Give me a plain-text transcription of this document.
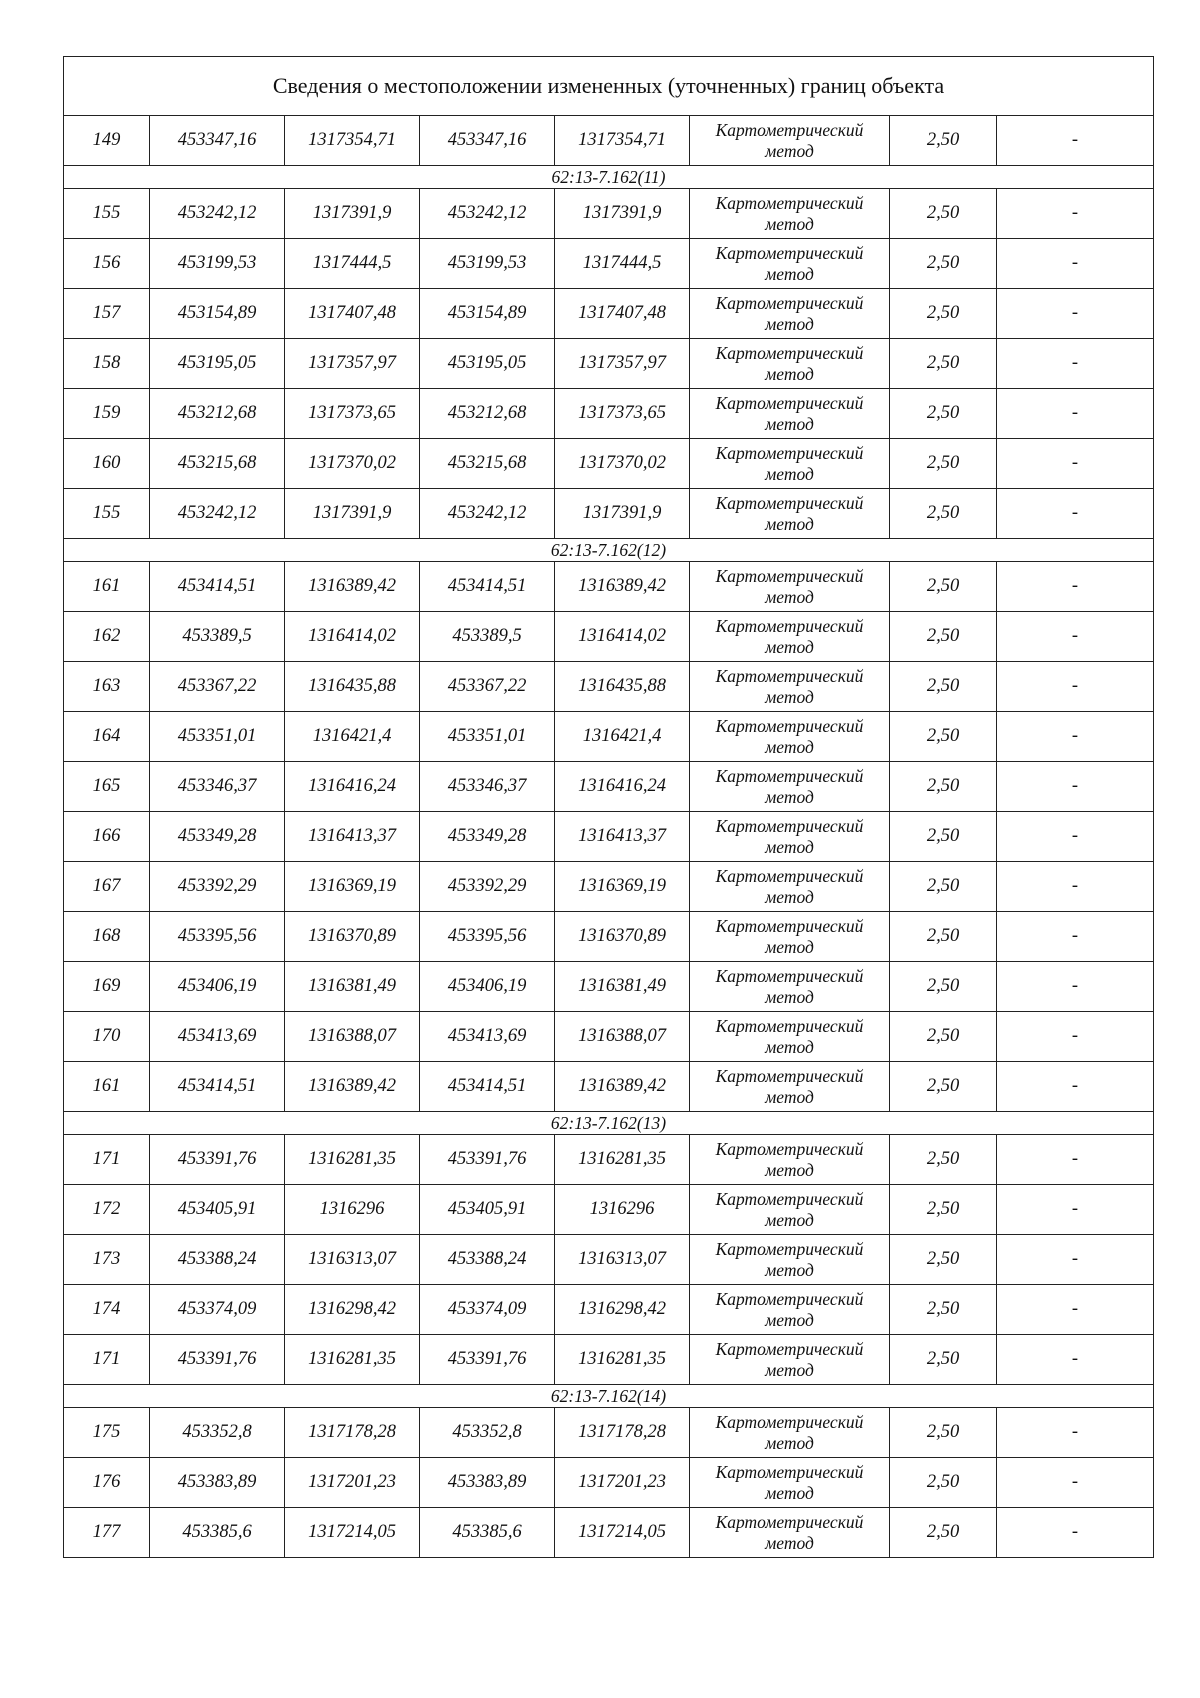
Сведения о местоположении измененных (уточненных) границ объекта							
149	453347,16	1317354,71	453347,16	1317354,71	Картометрический метод	2,50	-
62:13-7.162(11)							
155	453242,12	1317391,9	453242,12	1317391,9	Картометрический метод	2,50	-
156	453199,53	1317444,5	453199,53	1317444,5	Картометрический метод	2,50	-
157	453154,89	1317407,48	453154,89	1317407,48	Картометрический метод	2,50	-
158	453195,05	1317357,97	453195,05	1317357,97	Картометрический метод	2,50	-
159	453212,68	1317373,65	453212,68	1317373,65	Картометрический метод	2,50	-
160	453215,68	1317370,02	453215,68	1317370,02	Картометрический метод	2,50	-
155	453242,12	1317391,9	453242,12	1317391,9	Картометрический метод	2,50	-
62:13-7.162(12)							
161	453414,51	1316389,42	453414,51	1316389,42	Картометрический метод	2,50	-
162	453389,5	1316414,02	453389,5	1316414,02	Картометрический метод	2,50	-
163	453367,22	1316435,88	453367,22	1316435,88	Картометрический метод	2,50	-
164	453351,01	1316421,4	453351,01	1316421,4	Картометрический метод	2,50	-
165	453346,37	1316416,24	453346,37	1316416,24	Картометрический метод	2,50	-
166	453349,28	1316413,37	453349,28	1316413,37	Картометрический метод	2,50	-
167	453392,29	1316369,19	453392,29	1316369,19	Картометрический метод	2,50	-
168	453395,56	1316370,89	453395,56	1316370,89	Картометрический метод	2,50	-
169	453406,19	1316381,49	453406,19	1316381,49	Картометрический метод	2,50	-
170	453413,69	1316388,07	453413,69	1316388,07	Картометрический метод	2,50	-
161	453414,51	1316389,42	453414,51	1316389,42	Картометрический метод	2,50	-
62:13-7.162(13)							
171	453391,76	1316281,35	453391,76	1316281,35	Картометрический метод	2,50	-
172	453405,91	1316296	453405,91	1316296	Картометрический метод	2,50	-
173	453388,24	1316313,07	453388,24	1316313,07	Картометрический метод	2,50	-
174	453374,09	1316298,42	453374,09	1316298,42	Картометрический метод	2,50	-
171	453391,76	1316281,35	453391,76	1316281,35	Картометрический метод	2,50	-
62:13-7.162(14)							
175	453352,8	1317178,28	453352,8	1317178,28	Картометрический метод	2,50	-
176	453383,89	1317201,23	453383,89	1317201,23	Картометрический метод	2,50	-
177	453385,6	1317214,05	453385,6	1317214,05	Картометрический метод	2,50	-
